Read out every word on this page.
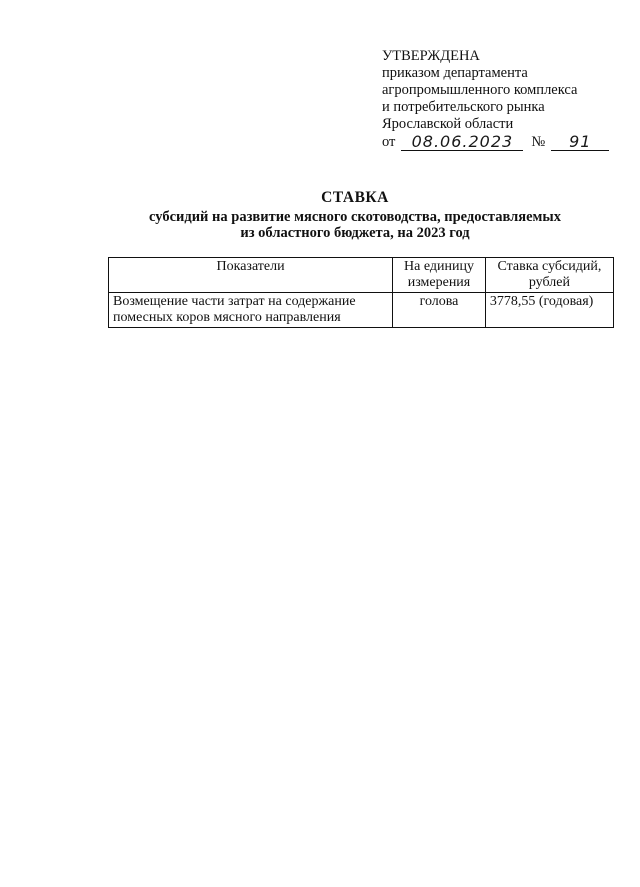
УТВЕРЖДЕНА
приказом департамента
агропромышленного комплекса
и потребительского рынка
Ярославской области
от	08.06.2023	№	91
СТАВКА
субсидий на развитие мясного скотоводства, предоставляемых
из областного бюджета, на 2023 год
Показатели	На единицу измерения	Ставка субсидий, рублей
Возмещение части затрат на содержание помесных коров мясного направления	голова	3778,55 (годовая)
